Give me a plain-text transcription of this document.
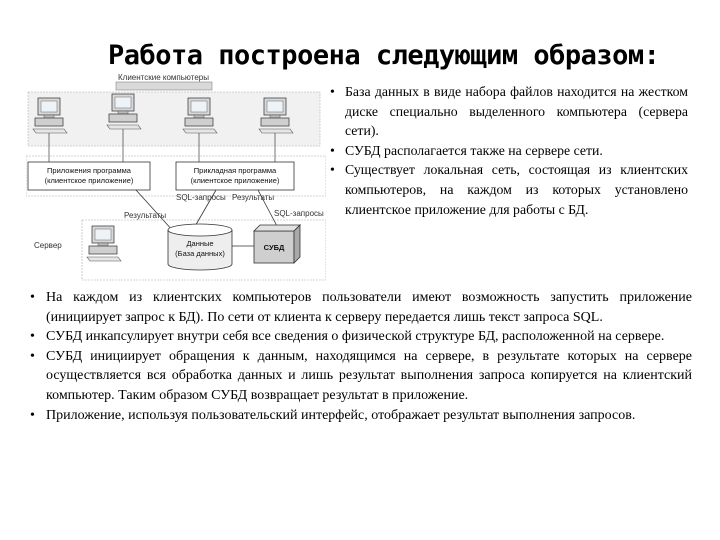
Работа построена следующим образом:
Клиентские компьютеры
Приложения программа
(клиентское приложение)
Прикладная программа
(клиентское приложение)
SQL-запросы Результаты
Результаты	SQL-запросы
Сервер	Данные
(База данных)
СУБД
• База данных в виде набора файлов находится на жестком диске специально выделенного компьютера (сервера сети).
• СУБД располагается также на сервере сети.
• Существует локальная сеть, состоящая из клиентских компьютеров, на каждом из которых установлено клиентское приложение для работы с БД.
• На каждом из клиентских компьютеров пользователи имеют возможность запустить приложение (инициирует запрос к БД). По сети от клиента к серверу передается лишь текст запроса SQL.
• СУБД инкапсулирует внутри себя все сведения о физической структуре БД, расположенной на сервере.
• СУБД инициирует обращения к данным, находящимся на сервере, в результате которых на сервере осуществляется вся обработка данных и лишь результат выполнения запроса копируется на клиентский компьютер. Таким образом СУБД возвращает результат в приложение.
• Приложение, используя пользовательский интерфейс, отображает результат выполнения запросов.
